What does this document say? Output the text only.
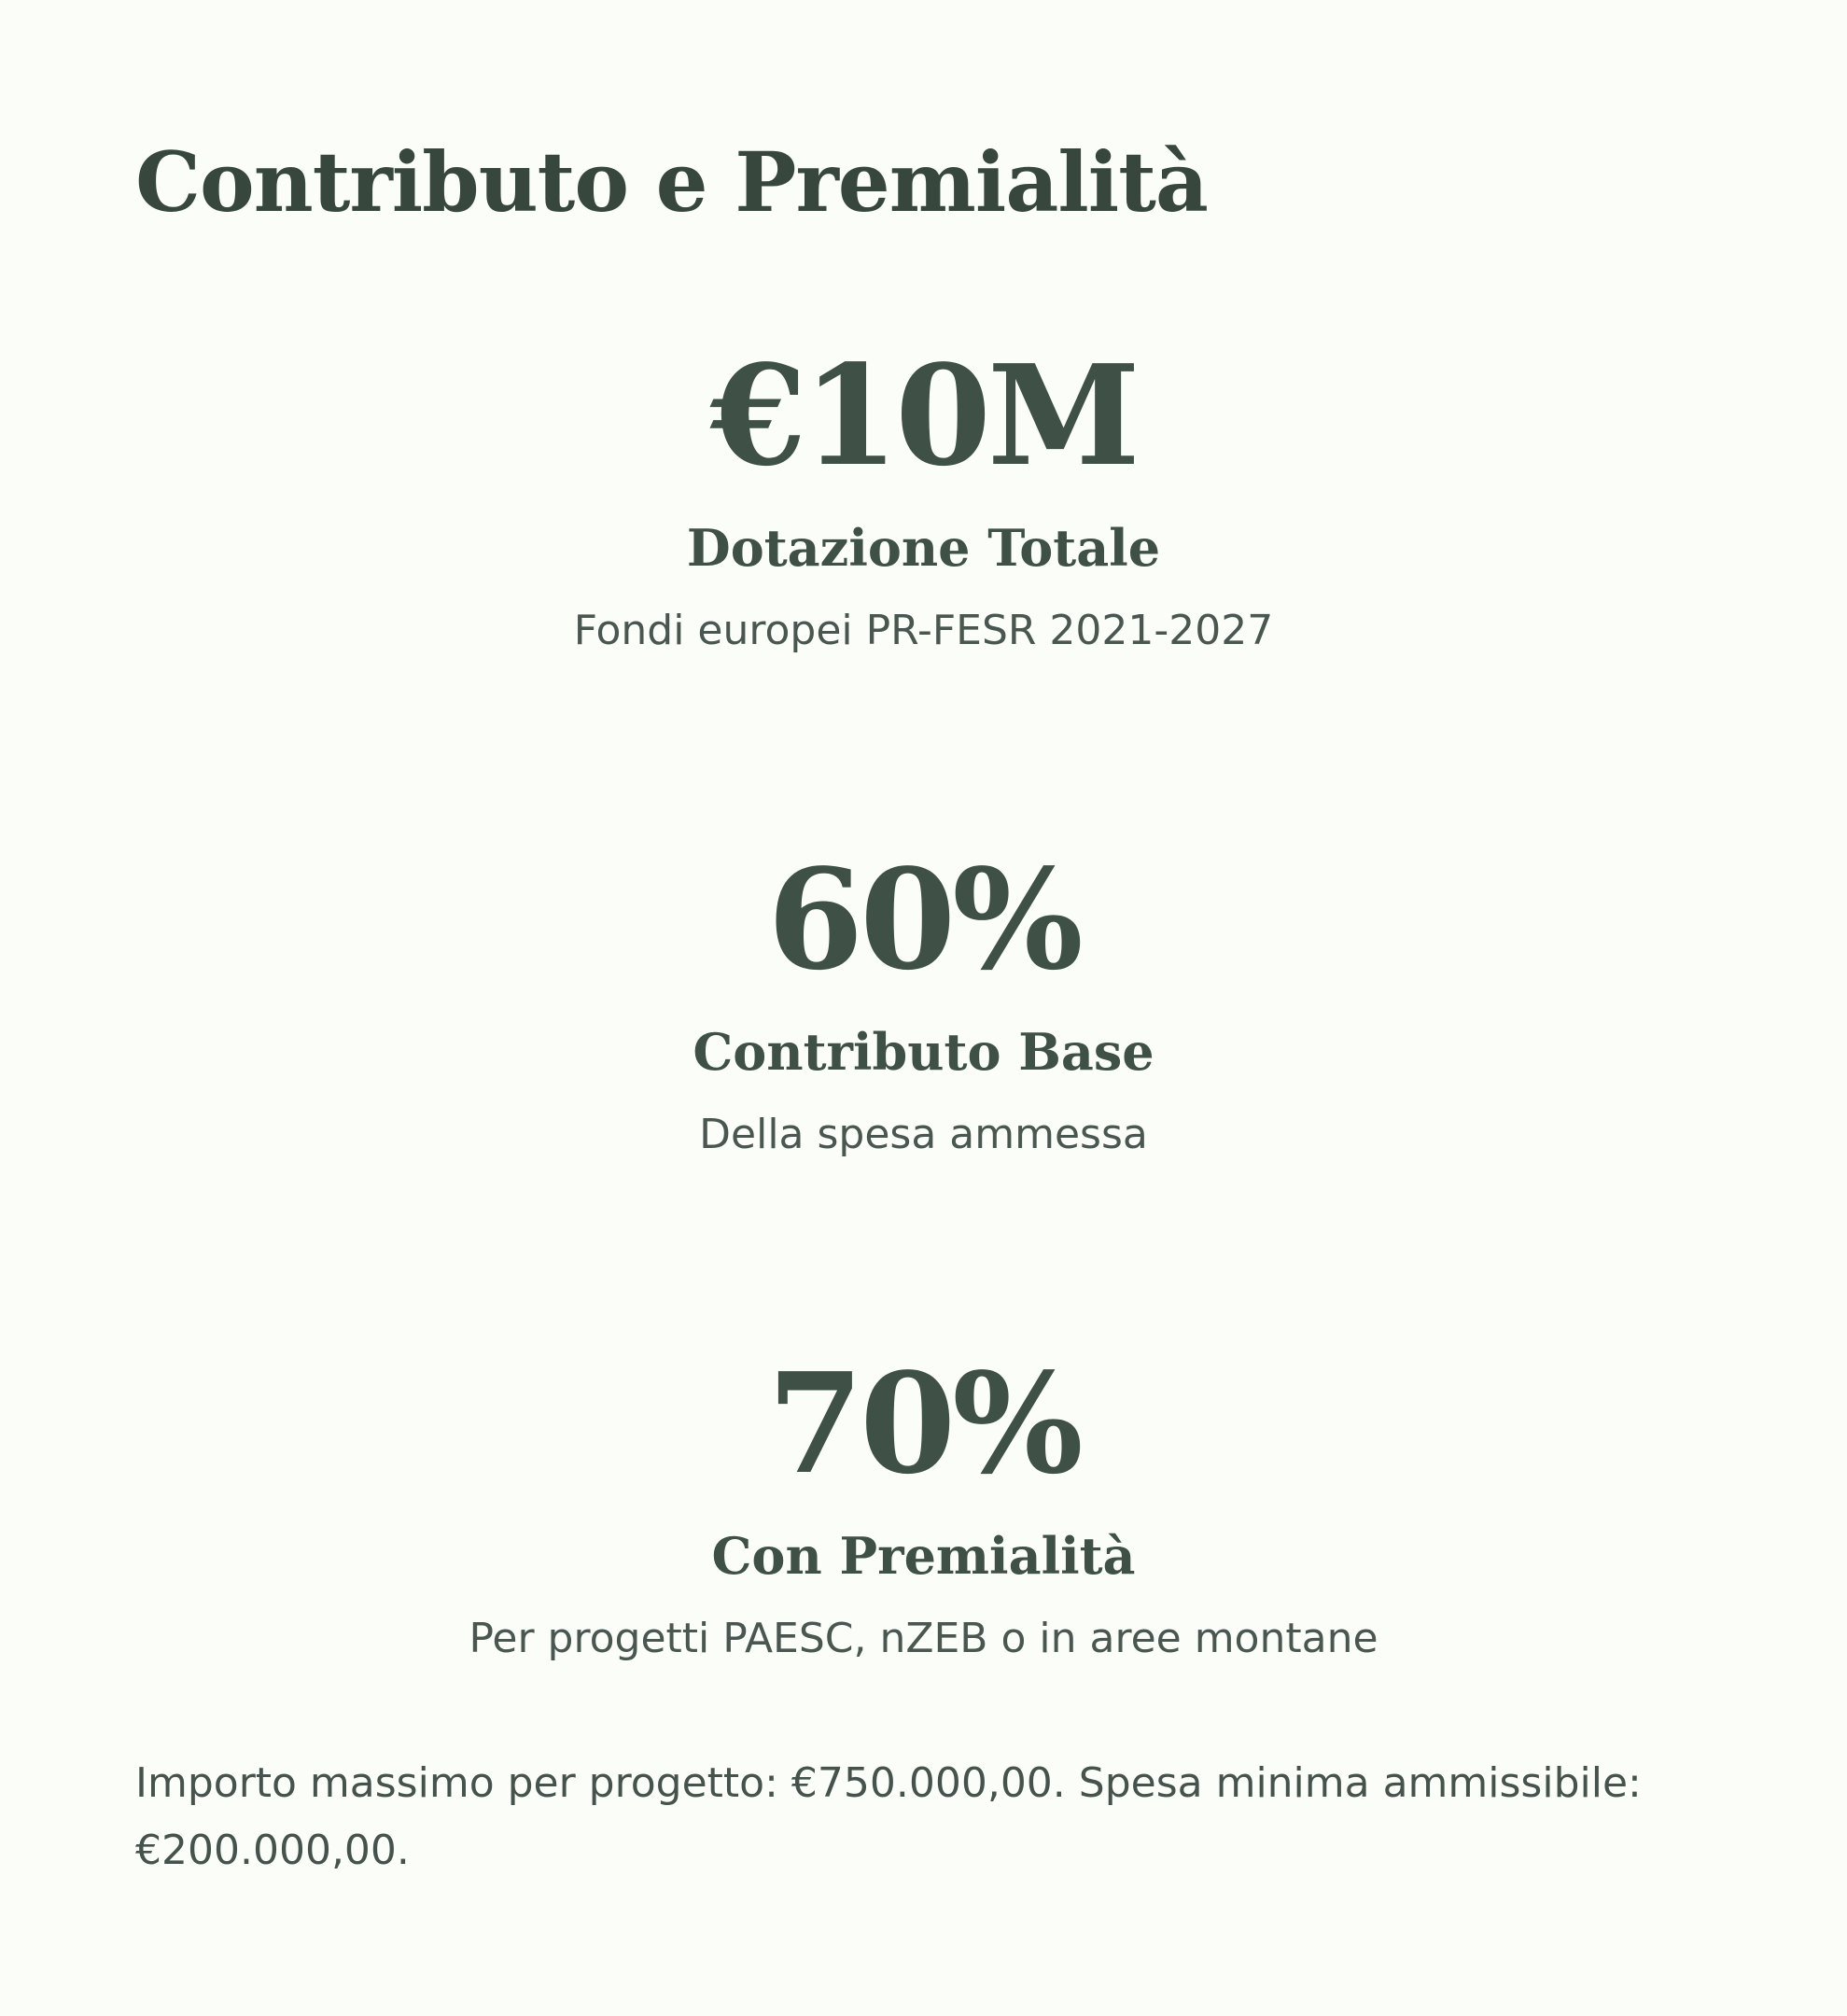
Contributo e Premialità
€10M
Dotazione Totale
Fondi europei PR-FESR 2021-2027
60%
Contributo Base
Della spesa ammessa
70%
Con Premialità
Per progetti PAESC, nZEB o in aree montane

Importo massimo per progetto: €750.000,00. Spesa minima ammissibile: €200.000,00.
